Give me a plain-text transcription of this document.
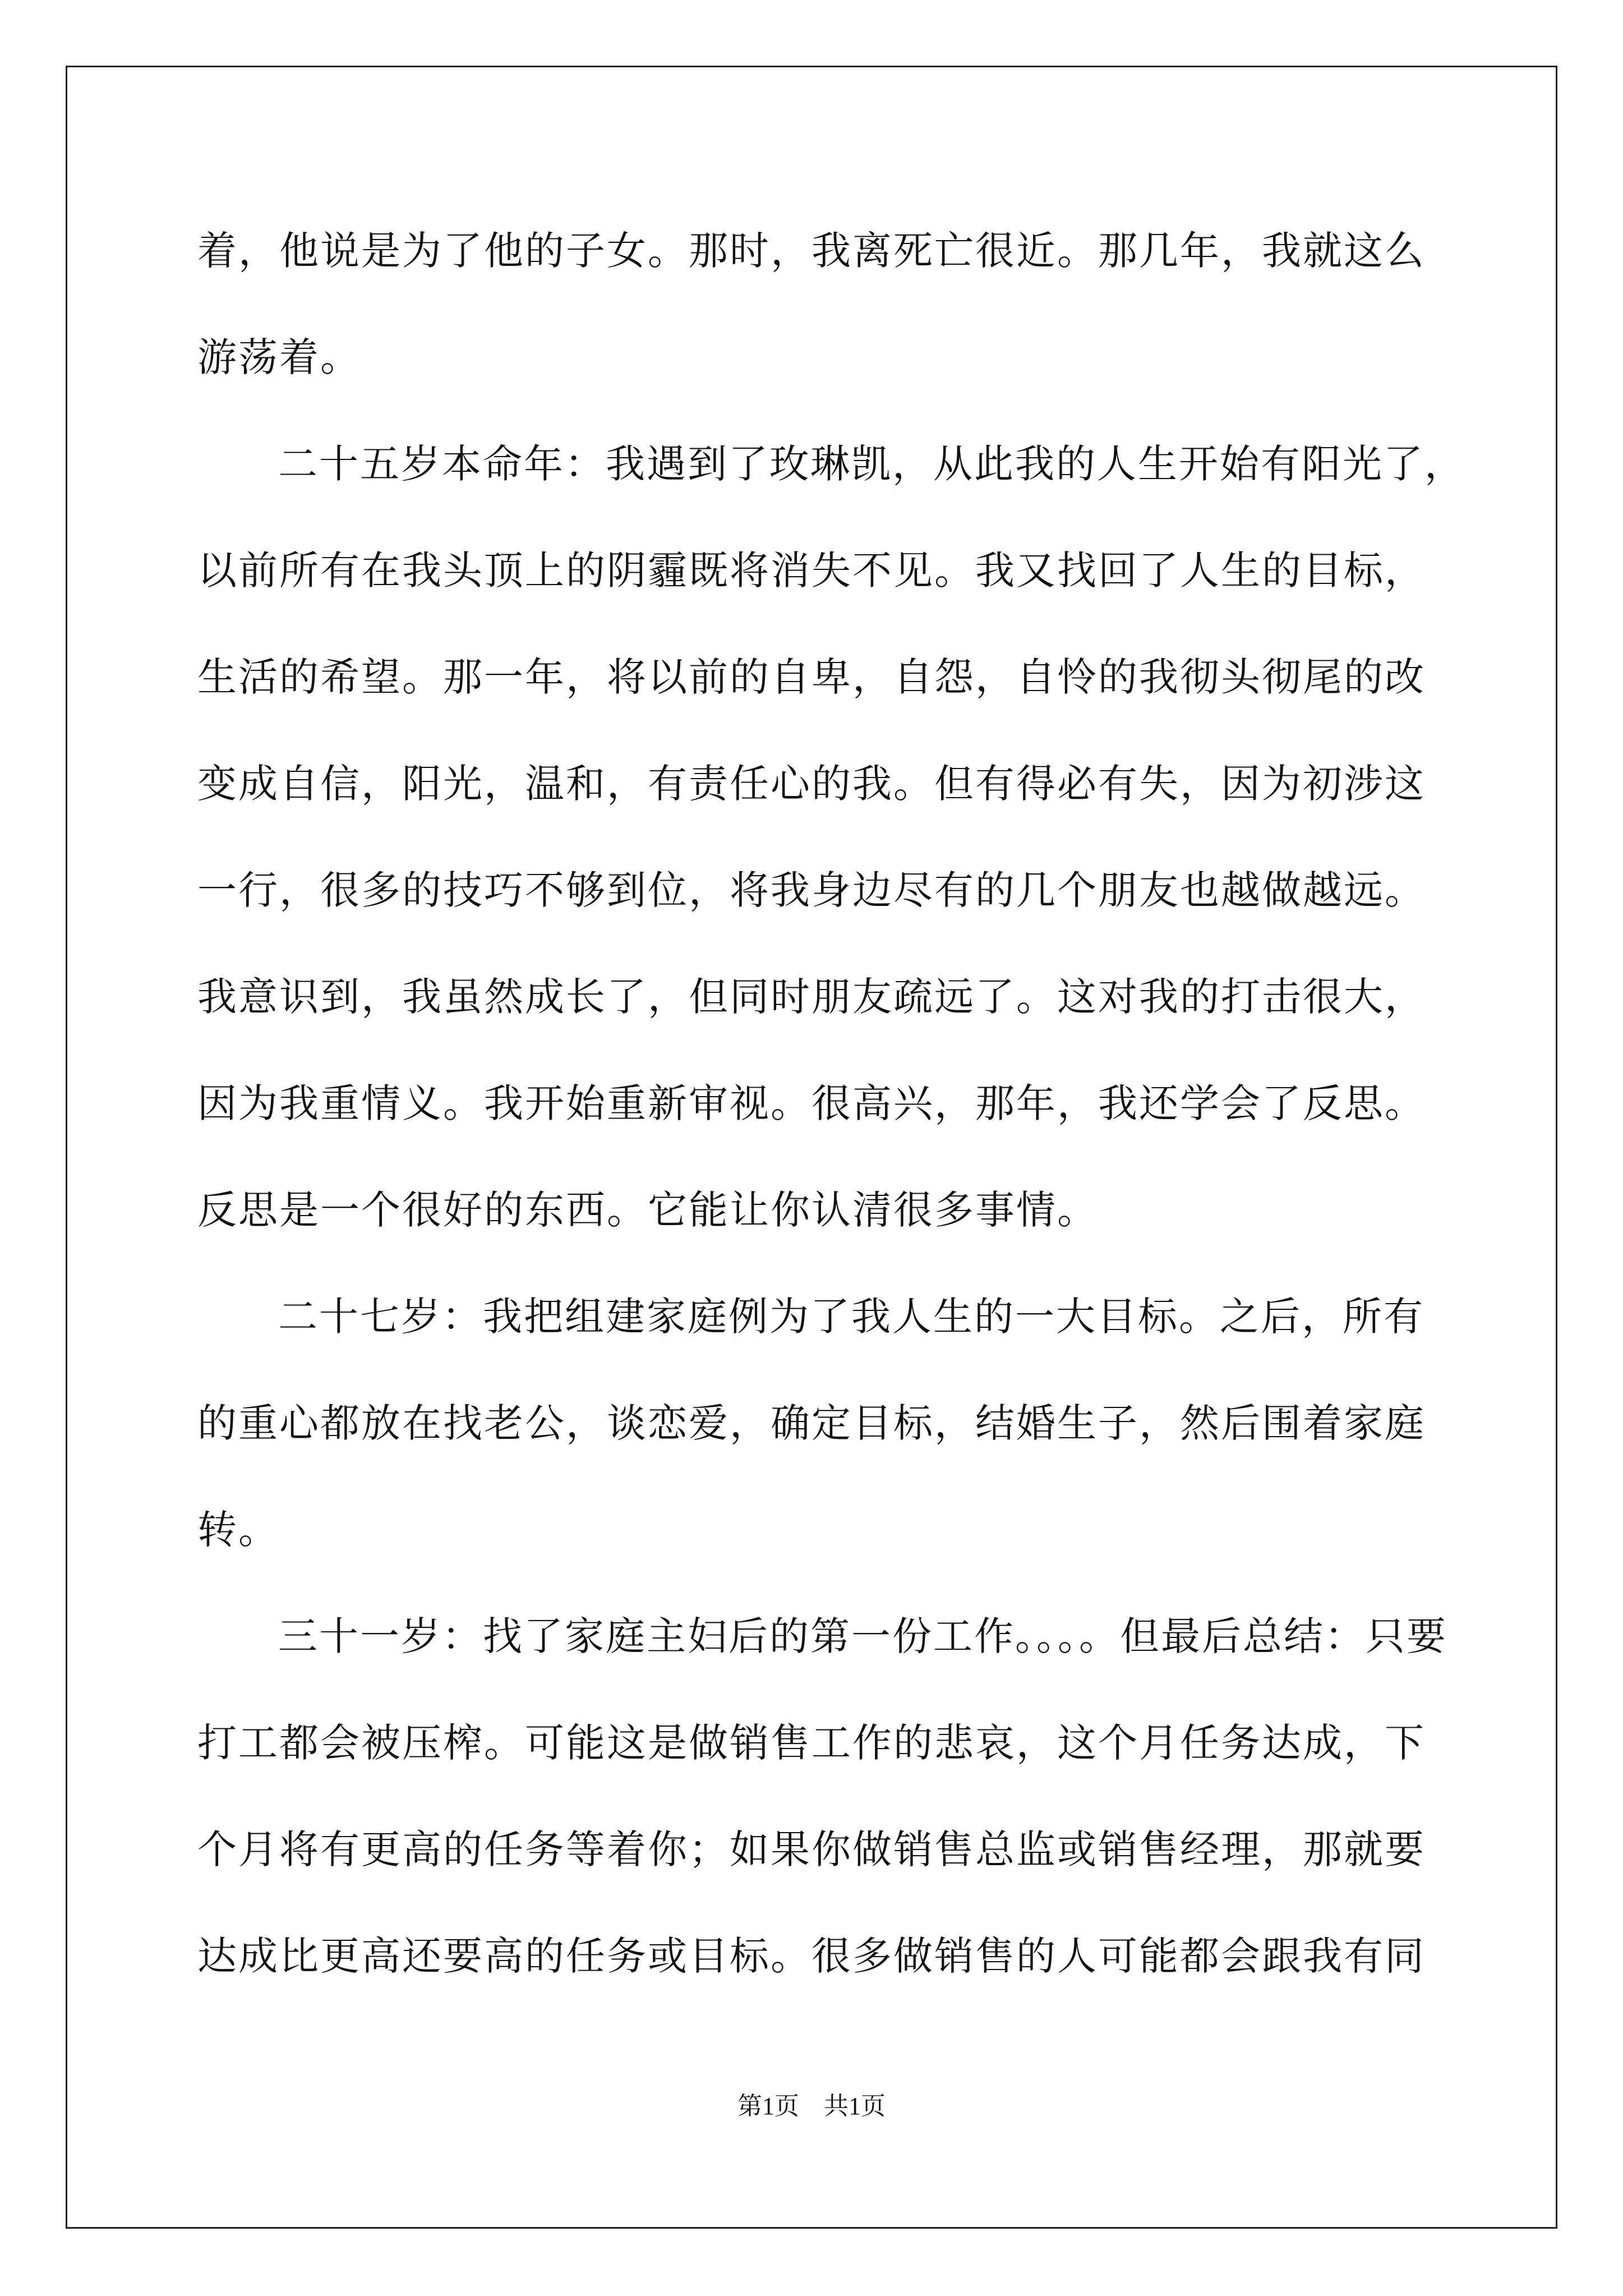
着，他说是为了他的子女。那时，我离死亡很近。那几年，我就这么
游荡着。
二十五岁本命年：我遇到了玫琳凯，从此我的人生开始有阳光了，
以前所有在我头顶上的阴霾既将消失不见。我又找回了人生的目标，
生活的希望。那一年，将以前的自卑，自怨，自怜的我彻头彻尾的改
变成自信，阳光，温和，有责任心的我。但有得必有失，因为初涉这
一行，很多的技巧不够到位，将我身边尽有的几个朋友也越做越远。
我意识到，我虽然成长了，但同时朋友疏远了。这对我的打击很大，
因为我重情义。我开始重新审视。很高兴，那年，我还学会了反思。
反思是一个很好的东西。它能让你认清很多事情。
二十七岁：我把组建家庭例为了我人生的一大目标。之后，所有
的重心都放在找老公，谈恋爱，确定目标，结婚生子，然后围着家庭
转。
三十一岁：找了家庭主妇后的第一份工作。。。。但最后总结：只要
打工都会被压榨。可能这是做销售工作的悲哀，这个月任务达成，下
个月将有更高的任务等着你；如果你做销售总监或销售经理，那就要
达成比更高还要高的任务或目标。很多做销售的人可能都会跟我有同
第1页　共1页
